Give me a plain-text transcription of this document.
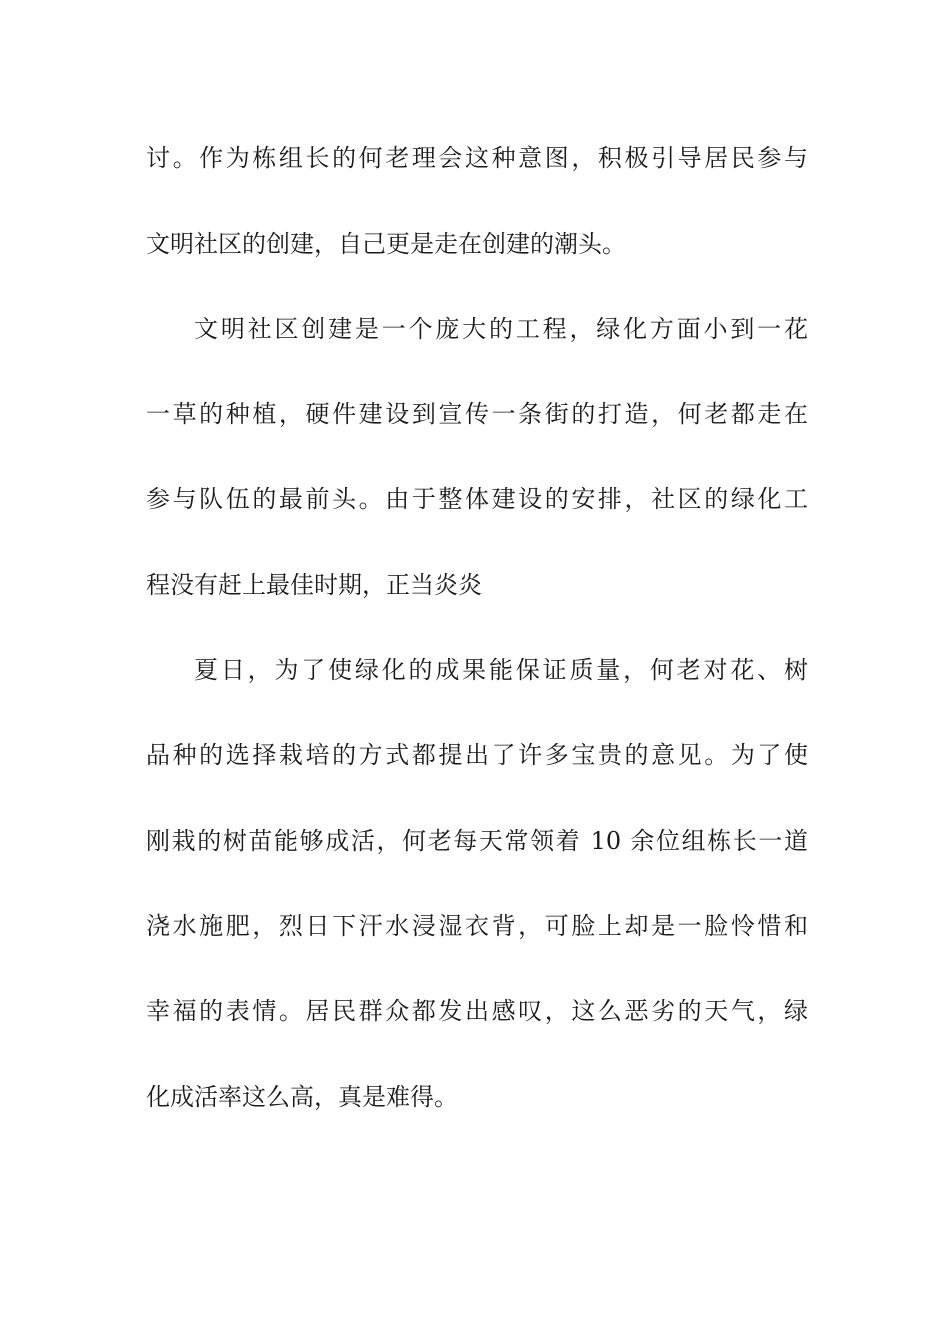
讨。作为栋组长的何老理会这种意图，积极引导居民参与

文明社区的创建，自己更是走在创建的潮头。

文明社区创建是一个庞大的工程，绿化方面小到一花

一草的种植，硬件建设到宣传一条街的打造，何老都走在

参与队伍的最前头。由于整体建设的安排，社区的绿化工

程没有赶上最佳时期，正当炎炎

夏日，为了使绿化的成果能保证质量，何老对花、树

品种的选择栽培的方式都提出了许多宝贵的意见。为了使

刚栽的树苗能够成活，何老每天常领着 10 余位组栋长一道

浇水施肥，烈日下汗水浸湿衣背，可脸上却是一脸怜惜和

幸福的表情。居民群众都发出感叹，这么恶劣的天气，绿

化成活率这么高，真是难得。
